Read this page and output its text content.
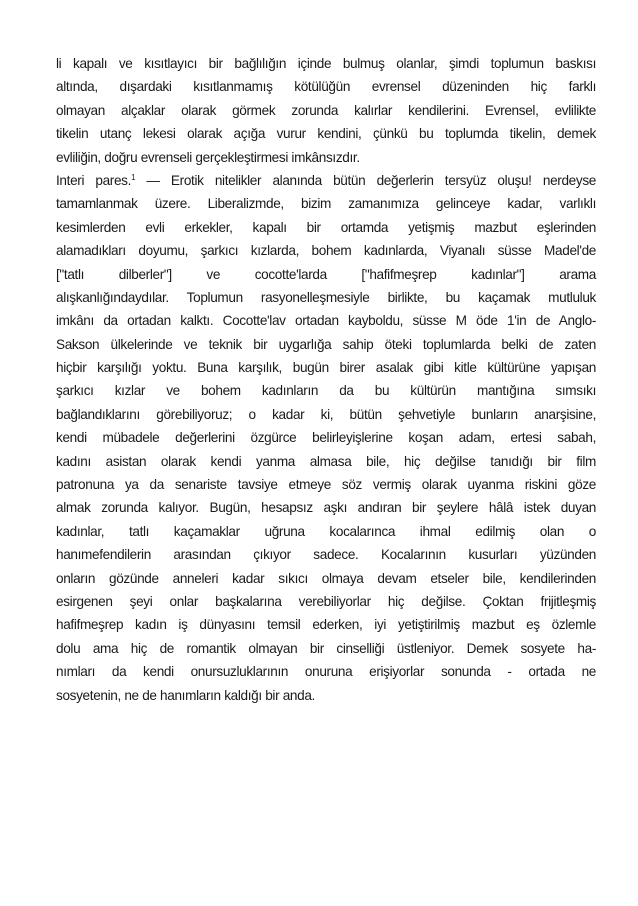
li kapalı ve kısıtlayıcı bir bağlılığın içinde bulmuş olanlar, şimdi toplumun baskısı
altında, dışardaki kısıtlanmamış kötülüğün evrensel düzeninden hiç farklı
olmayan alçaklar olarak görmek zorunda kalırlar kendilerini. Evrensel, evlilikte
tikelin utanç lekesi olarak açığa vurur kendini, çünkü bu toplumda tikelin, demek
evliliğin, doğru evrenseli gerçekleştirmesi imkânsızdır.
Interi pares.$^1$ — Erotik nitelikler alanında bütün değerlerin tersyüz oluşu! nerdeyse
tamamlanmak üzere. Liberalizmde, bizim zamanımıza gelinceye kadar, varlıklı
kesimlerden evli erkekler, kapalı bir ortamda yetişmiş mazbut eşlerinden
alamadıkları doyumu, şarkıcı kızlarda, bohem kadınlarda, Viyanalı süsse Madel'de
["tatlı dilberler"] ve cocotte'larda ["hafifmeşrep kadınlar"] arama
alışkanlığındaydılar. Toplumun rasyonelleşmesiyle birlikte, bu kaçamak mutluluk
imkânı da ortadan kalktı. Cocotte'lav ortadan kayboldu, süsse M öde 1'in de Anglo-
Sakson ülkelerinde ve teknik bir uygarlığa sahip öteki toplumlarda belki de zaten
hiçbir karşılığı yoktu. Buna karşılık, bugün birer asalak gibi kitle kültürüne yapışan
şarkıcı kızlar ve bohem kadınların da bu kültürün mantığına sımsıkı
bağlandıklarını görebiliyoruz; o kadar ki, bütün şehvetiyle bunların anarşisine,
kendi mübadele değerlerini özgürce belirleyişlerine koşan adam, ertesi sabah,
kadını asistan olarak kendi yanma almasa bile, hiç değilse tanıdığı bir film
patronuna ya da senariste tavsiye etmeye söz vermiş olarak uyanma riskini göze
almak zorunda kalıyor. Bugün, hesapsız aşkı andıran bir şeylere hâlâ istek duyan
kadınlar, tatlı kaçamaklar uğruna kocalarınca ihmal edilmiş olan o
hanımefendilerin arasından çıkıyor sadece. Kocalarının kusurları yüzünden
onların gözünde anneleri kadar sıkıcı olmaya devam etseler bile, kendilerinden
esirgenen şeyi onlar başkalarına verebiliyorlar hiç değilse. Çoktan frijitleşmiş
hafifmeşrep kadın iş dünyasını temsil ederken, iyi yetiştirilmiş mazbut eş özlemle
dolu ama hiç de romantik olmayan bir cinselliği üstleniyor. Demek sosyete ha-
nımları da kendi onursuzluklarının onuruna erişiyorlar sonunda - ortada ne
sosyetenin, ne de hanımların kaldığı bir anda.
